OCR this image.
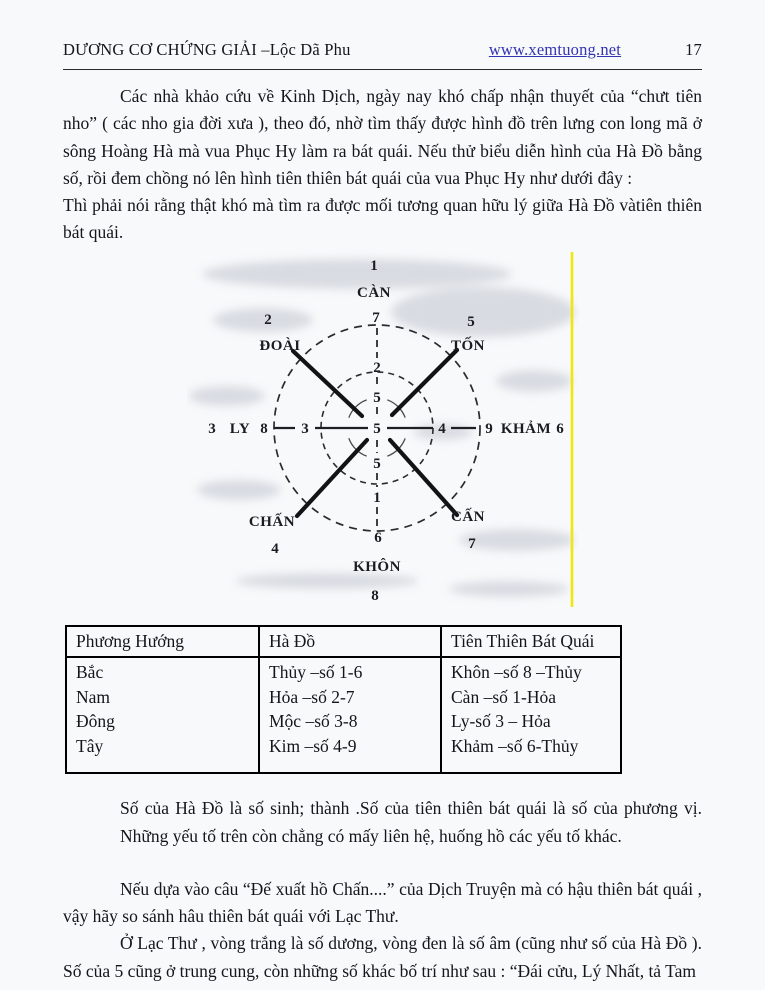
DƯƠNG CƠ CHỨNG GIẢI –Lộc Dã Phu	www.xemtuong.net	17

Các nhà khảo cứu về Kinh Dịch, ngày nay khó chấp nhận thuyết của “chưt tiên nho” ( các nho gia đời xưa ), theo đó, nhờ tìm thấy được hình đồ trên lưng con long mã ở sông Hoàng Hà mà vua Phục Hy làm ra bát quái. Nếu thử biểu diễn hình của Hà Đồ bằng số, rồi đem chồng nó lên hình tiên thiên bát quái của vua Phục Hy như dưới đây :

Thì phải nói rằng thật khó mà tìm ra được mối tương quan hữu lý giữa Hà Đồ vàtiên thiên bát quái.

1
CÀN
7
2
ĐOÀI
5
TỐN
3 LY 8 3	5	4	9 KHẢM 6
2
5
5
1
CHẤN
4
CẤN
7
6
KHÔN
8
Phương Hướng	Hà Đồ	Tiên Thiên Bát Quái
Bắc	Thủy –số 1-6	Khôn –số 8 –Thủy
Nam	Hỏa –số 2-7	Càn –số 1-Hỏa
Đông	Mộc –số 3-8	Ly-số 3 – Hỏa
Tây	Kim –số 4-9	Khảm –số 6-Thủy

Số của Hà Đồ là số sinh; thành .Số của tiên thiên bát quái là số của phương vị. Những yếu tố trên còn chẳng có mấy liên hệ, huống hồ các yếu tố khác.

Nếu dựa vào câu “Đế xuất hồ Chấn....” của Dịch Truyện mà có hậu thiên bát quái , vậy hãy so sánh hâu thiên bát quái với Lạc Thư.

Ở Lạc Thư , vòng trắng là số dương, vòng đen là số âm (cũng như số của Hà Đồ ). Số của 5 cũng ở trung cung, còn những số khác bố trí như sau : “Đái cửu, Lý Nhất, tả Tam
